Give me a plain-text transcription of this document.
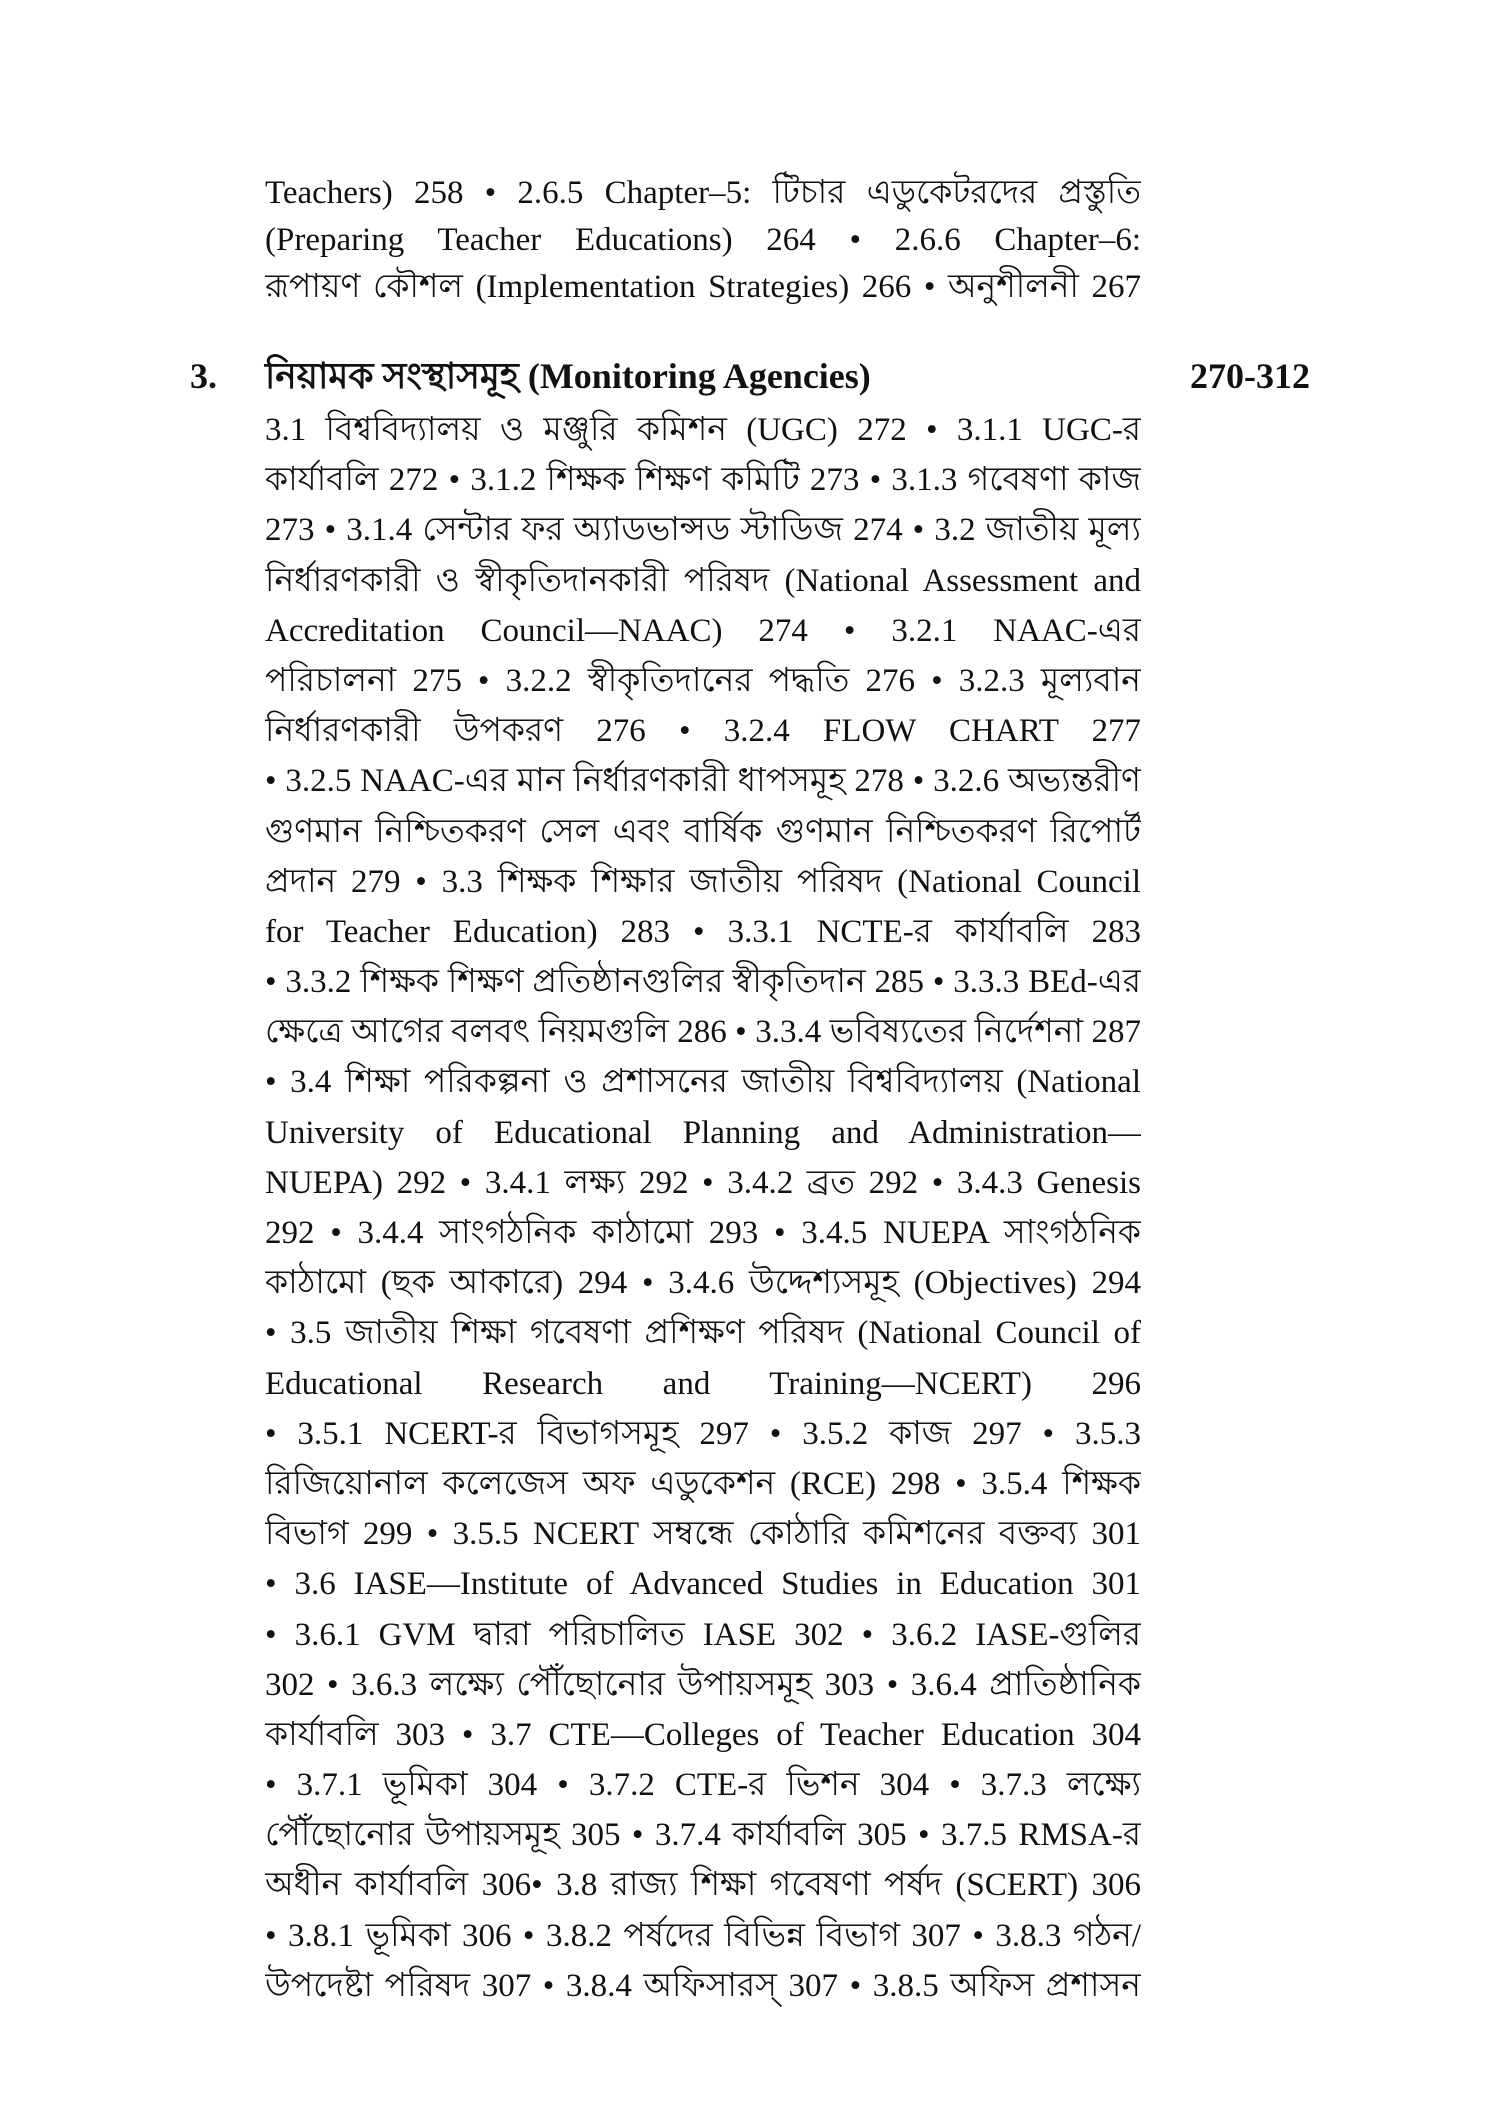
Teachers) 258 • 2.6.5 Chapter–5: টিচার এডুকেটরদের প্রস্তুতি
(Preparing Teacher Educations) 264 • 2.6.6 Chapter–6:
রূপায়ণ কৌশল (Implementation Strategies) 266 • অনুশীলনী 267
3. নিয়ামক সংস্থাসমূহ (Monitoring Agencies)	270-312
3.1 বিশ্ববিদ্যালয় ও মঞ্জুরি কমিশন (UGC) 272 • 3.1.1 UGC-র
কার্যাবলি 272 • 3.1.2 শিক্ষক শিক্ষণ কমিটি 273 • 3.1.3 গবেষণা কাজ
273 • 3.1.4 সেন্টার ফর অ্যাডভান্সড স্টাডিজ 274 • 3.2 জাতীয় মূল্য
নির্ধারণকারী ও স্বীকৃতিদানকারী পরিষদ (National Assessment and
Accreditation Council—NAAC) 274 • 3.2.1 NAAC-এর
পরিচালনা 275 • 3.2.2 স্বীকৃতিদানের পদ্ধতি 276 • 3.2.3 মূল্যবান
নির্ধারণকারী উপকরণ 276 • 3.2.4 FLOW CHART 277
• 3.2.5 NAAC-এর মান নির্ধারণকারী ধাপসমূহ 278 • 3.2.6 অভ্যন্তরীণ
গুণমান নিশ্চিতকরণ সেল এবং বার্ষিক গুণমান নিশ্চিতকরণ রিপোর্ট
প্রদান 279 • 3.3 শিক্ষক শিক্ষার জাতীয় পরিষদ (National Council
for Teacher Education) 283 • 3.3.1 NCTE-র কার্যাবলি 283
• 3.3.2 শিক্ষক শিক্ষণ প্রতিষ্ঠানগুলির স্বীকৃতিদান 285 • 3.3.3 BEd-এর
ক্ষেত্রে আগের বলবৎ নিয়মগুলি 286 • 3.3.4 ভবিষ্যতের নির্দেশনা 287
• 3.4 শিক্ষা পরিকল্পনা ও প্রশাসনের জাতীয় বিশ্ববিদ্যালয় (National
University of Educational Planning and Administration—
NUEPA) 292 • 3.4.1 লক্ষ্য 292 • 3.4.2 ব্রত 292 • 3.4.3 Genesis
292 • 3.4.4 সাংগঠনিক কাঠামো 293 • 3.4.5 NUEPA সাংগঠনিক
কাঠামো (ছক আকারে) 294 • 3.4.6 উদ্দেশ্যসমূহ (Objectives) 294
• 3.5 জাতীয় শিক্ষা গবেষণা প্রশিক্ষণ পরিষদ (National Council of
Educational Research and Training—NCERT) 296
• 3.5.1 NCERT-র বিভাগসমূহ 297 • 3.5.2 কাজ 297 • 3.5.3
রিজিয়োনাল কলেজেস অফ এডুকেশন (RCE) 298 • 3.5.4 শিক্ষক
বিভাগ 299 • 3.5.5 NCERT সম্বন্ধে কোঠারি কমিশনের বক্তব্য 301
• 3.6 IASE—Institute of Advanced Studies in Education 301
• 3.6.1 GVM দ্বারা পরিচালিত IASE 302 • 3.6.2 IASE-গুলির
302 • 3.6.3 লক্ষ্যে পৌঁছোনোর উপায়সমূহ 303 • 3.6.4 প্রাতিষ্ঠানিক
কার্যাবলি 303 • 3.7 CTE—Colleges of Teacher Education 304
• 3.7.1 ভূমিকা 304 • 3.7.2 CTE-র ভিশন 304 • 3.7.3 লক্ষ্যে
পৌঁছোনোর উপায়সমূহ 305 • 3.7.4 কার্যাবলি 305 • 3.7.5 RMSA-র
অধীন কার্যাবলি 306• 3.8 রাজ্য শিক্ষা গবেষণা পর্ষদ (SCERT) 306
• 3.8.1 ভূমিকা 306 • 3.8.2 পর্ষদের বিভিন্ন বিভাগ 307 • 3.8.3 গঠন/
উপদেষ্টা পরিষদ 307 • 3.8.4 অফিসারস্ 307 • 3.8.5 অফিস প্রশাসন
